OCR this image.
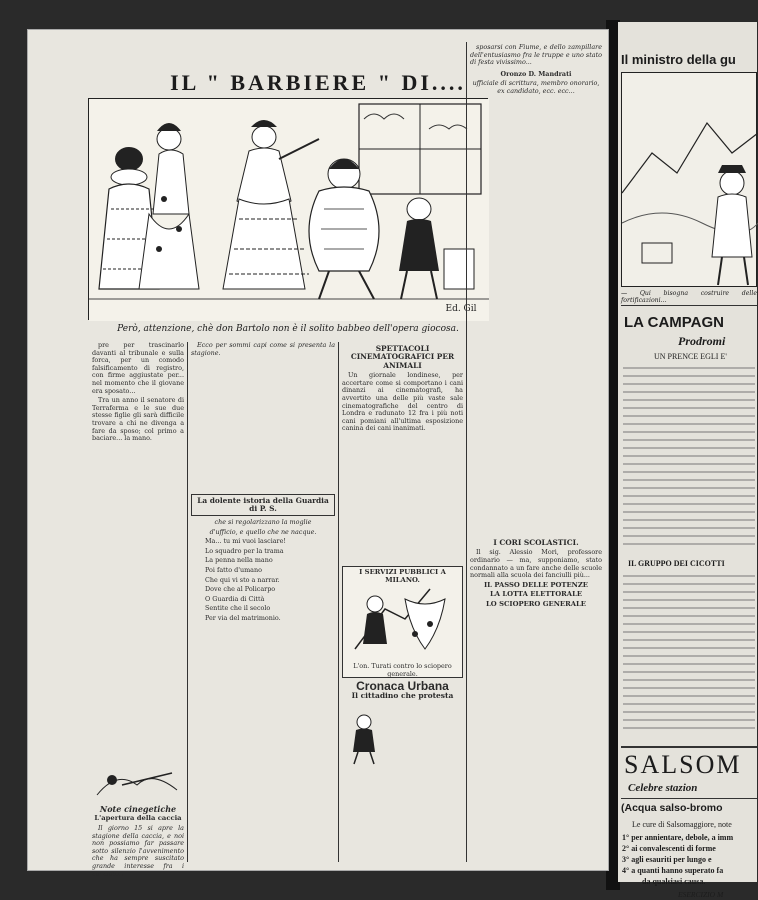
IL " BARBIERE " DI....
Ed. Gil
Però, attenzione, chè don Bartolo non è il solito babbeo dell'opera giocosa.

pre per trascinarlo davanti al tribunale e sulla forca, per un comodo falsificamento di registro, con firme aggiustate per... nel momento che il giovane era sposato...

Tra un anno il senatore di Terraferma e le sue due stesse figlie gli sarà difficile trovare a chi ne divenga a fare da sposo; col primo a baciare... la mano.

Note cinegetiche
L'apertura della caccia

Il giorno 15 si apre la stagione della caccia, e noi non possiamo far passare sotto silenzio l'avvenimento che ha sempre suscitato grande interesse fra i cacciatori...

Ecco per sommi capi come si presenta la stagione.

La dolente istoria della Guardia di P. S.

che si regolarizzano la moglie

d'ufficio, e quello che ne nacque.

Ma... tu mi vuoi lasciare!

Lo squadro per la trama

La penna nella mano

Poi fatto d'umano

Che qui vi sto a narrar.

Dove che al Policarpo

O Guardia di Città

Sentite che il secolo

Per via del matrimonio.

SPETTACOLI CINEMATOGRAFICI PER ANIMALI

Un giornale londinese, per accertare come si comportano i cani dinanzi ai cinematografi, ha avvertito una delle più vaste sale cinematografiche del centro di Londra e radunato 12 fra i più noti cani pomiani all'ultima esposizione canina dei cani inanimati.

I SERVIZI PUBBLICI A MILANO.

L'on. Turati contro lo sciopero generale.

Cronaca Urbana
Il cittadino che protesta

sposarsi con Fiume, e dello zampillare dell'entusiasmo fra le truppe e uno stato di festa vivissimo...

Oronzo D. Mandrati

ufficiale di scrittura, membro onorario, ex candidato, ecc. ecc...

I CORI SCOLASTICI.

Il sig. Alessio Mori, professore ordinario — ma, supponiamo, stato condannato a un fare anche delle scuole normali alla scuola dei fanciulli più...

IL PASSO DELLE POTENZE
LA LOTTA ELETTORALE
LO SCIOPERO GENERALE
Il ministro della gu
— Qui bisogna costruire delle fortificazioni...
LA CAMPAGN
Prodromi
UN PRENCE EGLI E'
IL GRUPPO DEI CICOTTI
SALSOM
Celebre stazion
(Acqua salso-bromo
Le cure di Salsomaggiore, note
1° per annientare, debole, a imm
2° ai convalescenti di forme
3° agli esauriti per lungo e
4° a quanti hanno superato fa
da qualsiasi causa.
ESERCIZIO M
